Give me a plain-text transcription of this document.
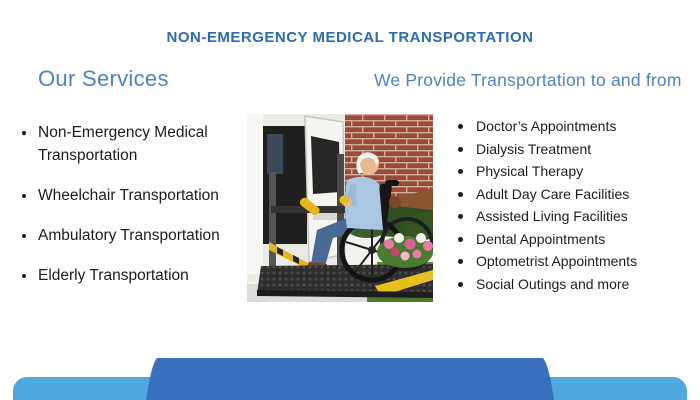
NON-EMERGENCY MEDICAL TRANSPORTATION
Our Services	We Provide Transportation to and from
Non-Emergency Medical Transportation
Wheelchair Transportation
Ambulatory Transportation
Elderly Transportation
Doctor’s Appointments
Dialysis Treatment
Physical Therapy
Adult Day Care Facilities
Assisted Living Facilities
Dental Appointments
Optometrist Appointments
Social Outings and more
